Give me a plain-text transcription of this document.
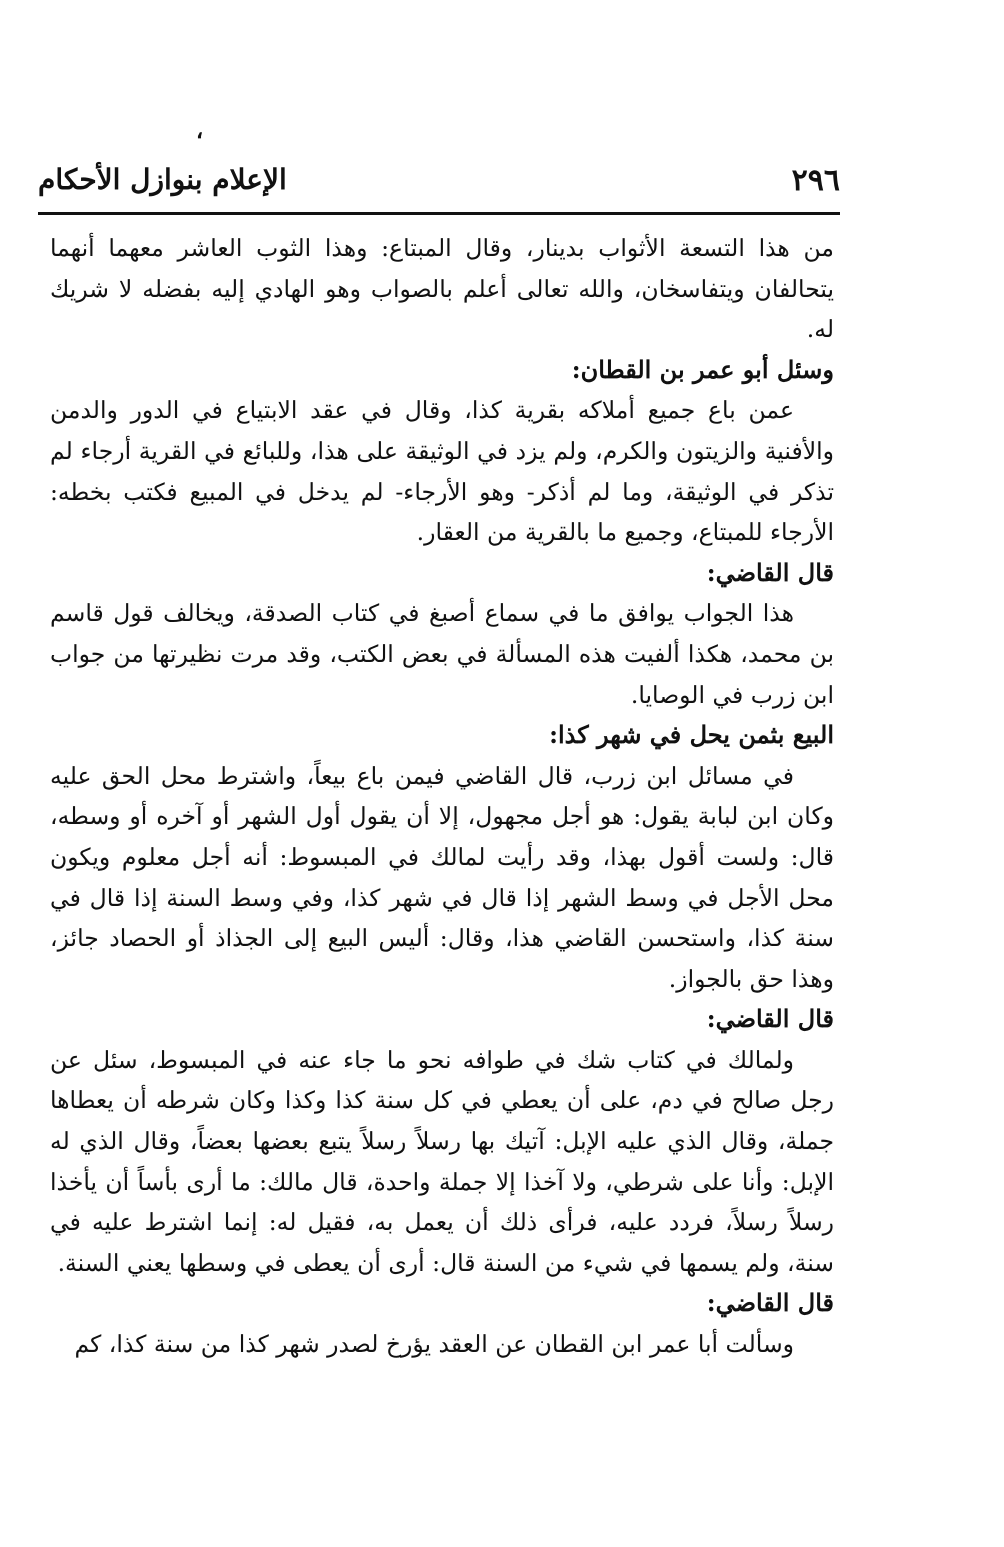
،
٢٩٦
الإعلام بنوازل الأحكام

من هذا التسعة الأثواب بدينار، وقال المبتاع: وهذا الثوب العاشر معهما أنهما يتحالفان ويتفاسخان، والله تعالى أعلم بالصواب وهو الهادي إليه بفضله لا شريك له.

وسئل أبو عمر بن القطان:

عمن باع جميع أملاكه بقرية كذا، وقال في عقد الابتياع في الدور والدمن والأفنية والزيتون والكرم، ولم يزد في الوثيقة على هذا، وللبائع في القرية أرجاء لم تذكر في الوثيقة، وما لم أذكر- وهو الأرجاء- لم يدخل في المبيع فكتب بخطه: الأرجاء للمبتاع، وجميع ما بالقرية من العقار.

قال القاضي:

هذا الجواب يوافق ما في سماع أصبغ في كتاب الصدقة، ويخالف قول قاسم بن محمد، هكذا ألفيت هذه المسألة في بعض الكتب، وقد مرت نظيرتها من جواب ابن زرب في الوصايا.

البيع بثمن يحل في شهر كذا:

في مسائل ابن زرب، قال القاضي فيمن باع بيعاً، واشترط محل الحق عليه وكان ابن لبابة يقول: هو أجل مجهول، إلا أن يقول أول الشهر أو آخره أو وسطه، قال: ولست أقول بهذا، وقد رأيت لمالك في المبسوط: أنه أجل معلوم ويكون محل الأجل في وسط الشهر إذا قال في شهر كذا، وفي وسط السنة إذا قال في سنة كذا، واستحسن القاضي هذا، وقال: أليس البيع إلى الجذاذ أو الحصاد جائز، وهذا حق بالجواز.

قال القاضي:

ولمالك في كتاب شك في طوافه نحو ما جاء عنه في المبسوط، سئل عن رجل صالح في دم، على أن يعطي في كل سنة كذا وكذا وكان شرطه أن يعطاها جملة، وقال الذي عليه الإبل: آتيك بها رسلاً رسلاً يتبع بعضها بعضاً، وقال الذي له الإبل: وأنا على شرطي، ولا آخذا إلا جملة واحدة، قال مالك: ما أرى بأساً أن يأخذا رسلاً رسلاً، فردد عليه، فرأى ذلك أن يعمل به، فقيل له: إنما اشترط عليه في سنة، ولم يسمها في شيء من السنة قال: أرى أن يعطى في وسطها يعني السنة.

قال القاضي:

وسألت أبا عمر ابن القطان عن العقد يؤرخ لصدر شهر كذا من سنة كذا، كم
